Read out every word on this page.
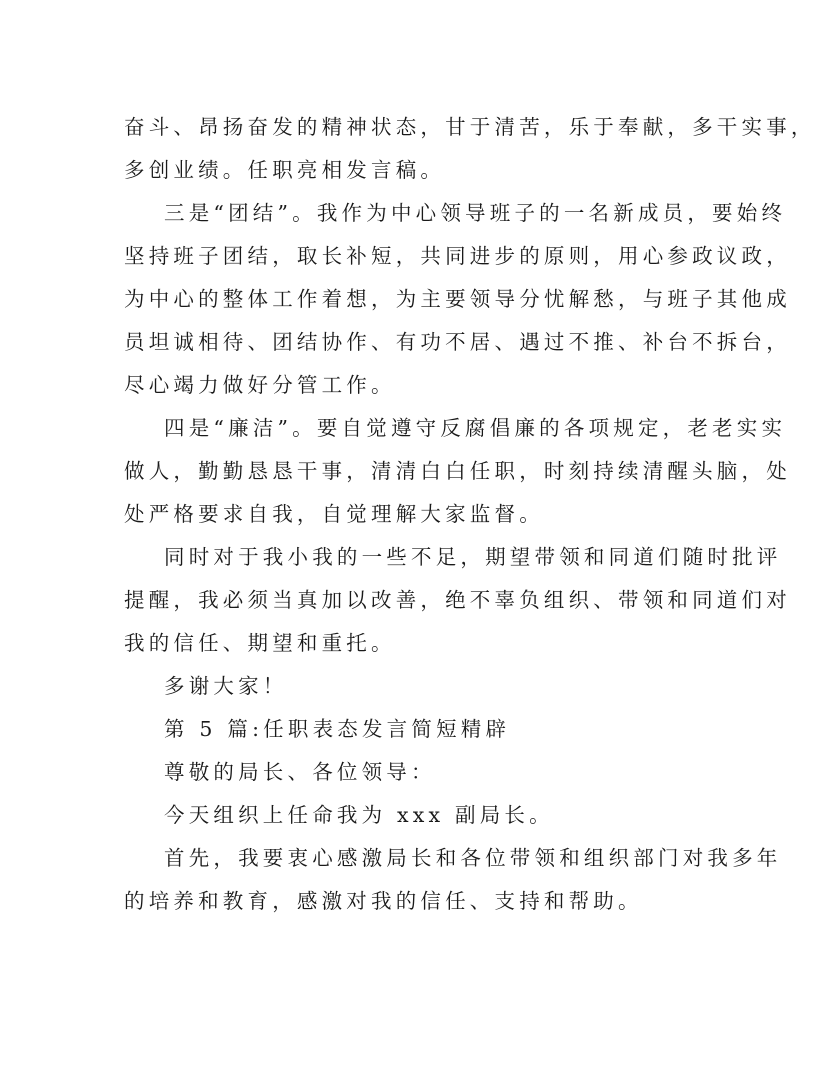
奋斗、昂扬奋发的精神状态，甘于清苦，乐于奉献，多干实事，
多创业绩。任职亮相发言稿。
三是“团结”。我作为中心领导班子的一名新成员，要始终
坚持班子团结，取长补短，共同进步的原则，用心参政议政，
为中心的整体工作着想，为主要领导分忧解愁，与班子其他成
员坦诚相待、团结协作、有功不居、遇过不推、补台不拆台，
尽心竭力做好分管工作。
四是“廉洁”。要自觉遵守反腐倡廉的各项规定，老老实实
做人，勤勤恳恳干事，清清白白任职，时刻持续清醒头脑，处
处严格要求自我，自觉理解大家监督。
同时对于我小我的一些不足，期望带领和同道们随时批评
提醒，我必须当真加以改善，绝不辜负组织、带领和同道们对
我的信任、期望和重托。
多谢大家！
第 5 篇:任职表态发言简短精辟
尊敬的局长、各位领导：
今天组织上任命我为 xxx 副局长。
首先，我要衷心感激局长和各位带领和组织部门对我多年
的培养和教育，感激对我的信任、支持和帮助。
